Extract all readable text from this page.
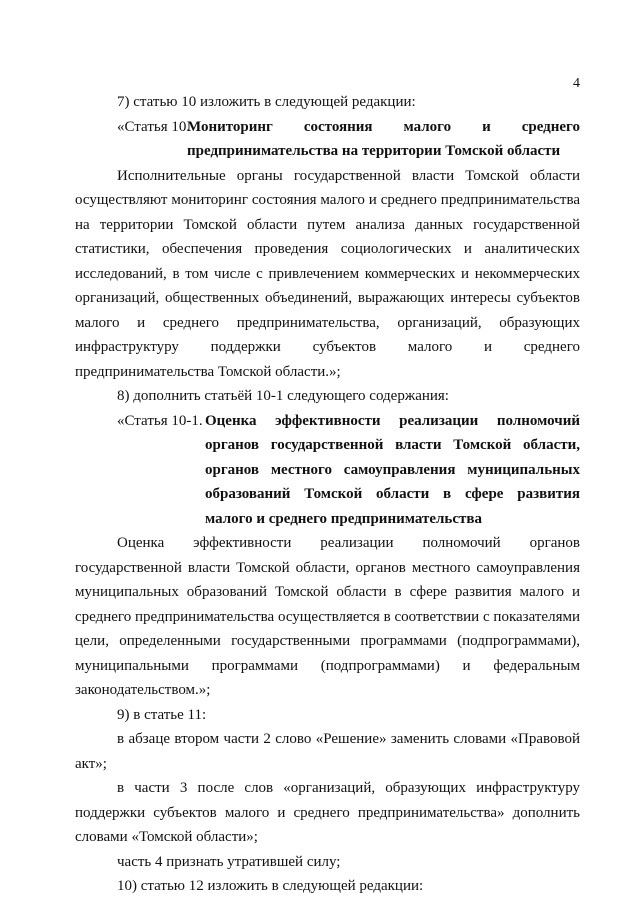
4

7) статью 10 изложить в следующей редакции:

«Статья 10.
Мониторинг состояния малого и среднего
предпринимательства на территории Томской области

Исполнительные органы государственной власти Томской области осуществляют мониторинг состояния малого и среднего предпринимательства на территории Томской области путем анализа данных государственной статистики, обеспечения проведения социологических и аналитических исследований, в том числе с привлечением коммерческих и некоммерческих организаций, общественных объединений, выражающих интересы субъектов малого и среднего предпринимательства, организаций, образующих инфраструктуру поддержки субъектов малого и среднего предпринимательства Томской области.»;

8) дополнить статьёй 10-1 следующего содержания:

«Статья 10-1. Оценка эффективности реализации полномочий органов государственной власти Томской области, органов местного самоуправления муниципальных образований Томской области в сфере развития малого и среднего предпринимательства

Оценка эффективности реализации полномочий органов государственной власти Томской области, органов местного самоуправления муниципальных образований Томской области в сфере развития малого и среднего предпринимательства осуществляется в соответствии с показателями цели, определенными государственными программами (подпрограммами), муниципальными программами (подпрограммами) и федеральным законодательством.»;

9) в статье 11:

в абзаце втором части 2 слово «Решение» заменить словами «Правовой акт»;

в части 3 после слов «организаций, образующих инфраструктуру поддержки субъектов малого и среднего предпринимательства» дополнить словами «Томской области»;

часть 4 признать утратившей силу;

10) статью 12 изложить в следующей редакции:
